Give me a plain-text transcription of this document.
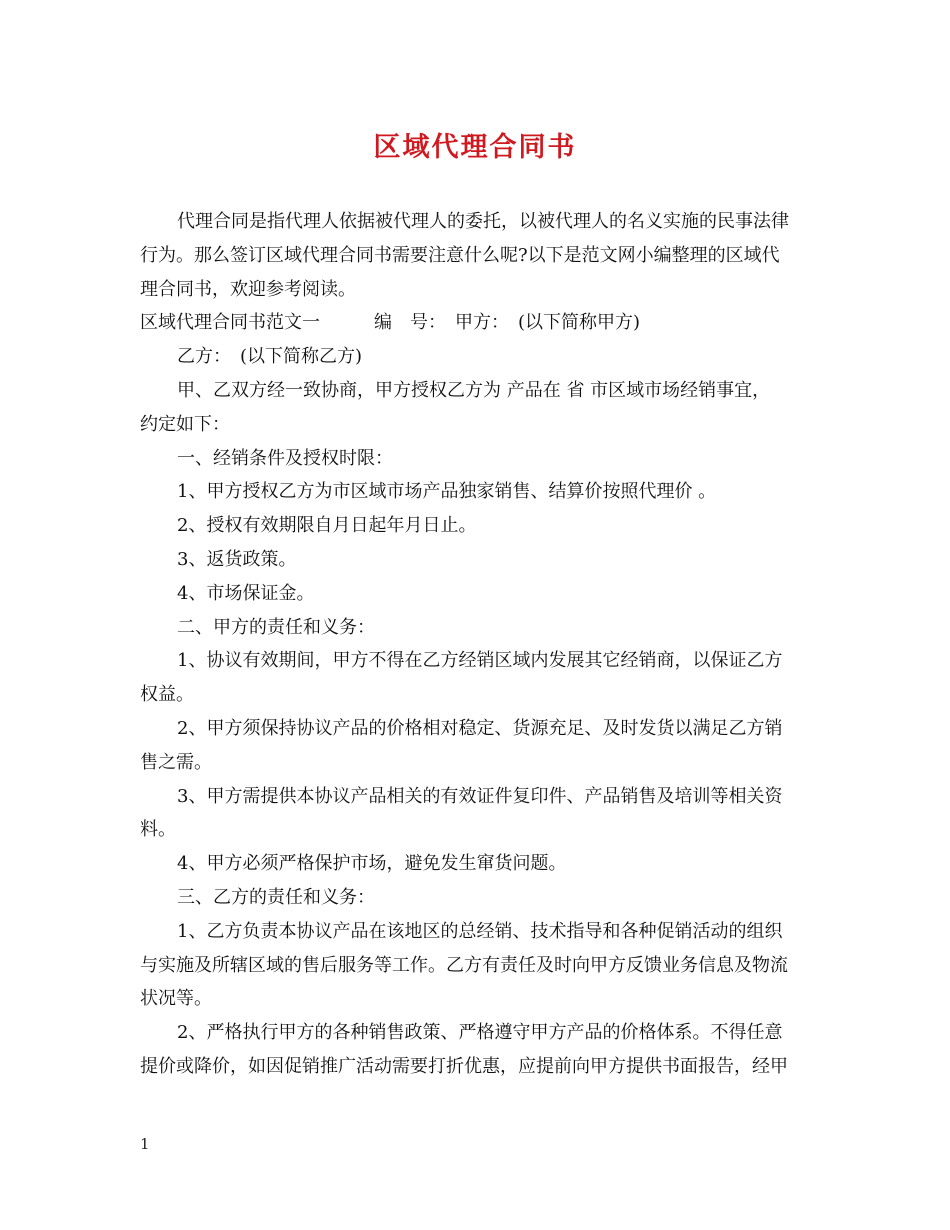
区域代理合同书

代理合同是指代理人依据被代理人的委托，以被代理人的名义实施的民事法律

行为。那么签订区域代理合同书需要注意什么呢?以下是范文网小编整理的区域代

理合同书，欢迎参考阅读。

区域代理合同书范文一　　　编　号：　甲方：　(以下简称甲方)

乙方：　(以下简称乙方)

甲、乙双方经一致协商，甲方授权乙方为 产品在 省 市区域市场经销事宜，

约定如下：

一、经销条件及授权时限：

1、甲方授权乙方为市区域市场产品独家销售、结算价按照代理价 。

2、授权有效期限自月日起年月日止。

3、返货政策。

4、市场保证金。

二、甲方的责任和义务：

1、协议有效期间，甲方不得在乙方经销区域内发展其它经销商，以保证乙方

权益。

2、甲方须保持协议产品的价格相对稳定、货源充足、及时发货以满足乙方销

售之需。

3、甲方需提供本协议产品相关的有效证件复印件、产品销售及培训等相关资

料。

4、甲方必须严格保护市场，避免发生窜货问题。

三、乙方的责任和义务：

1、乙方负责本协议产品在该地区的总经销、技术指导和各种促销活动的组织

与实施及所辖区域的售后服务等工作。乙方有责任及时向甲方反馈业务信息及物流

状况等。

2、严格执行甲方的各种销售政策、严格遵守甲方产品的价格体系。不得任意

提价或降价，如因促销推广活动需要打折优惠，应提前向甲方提供书面报告，经甲

1
